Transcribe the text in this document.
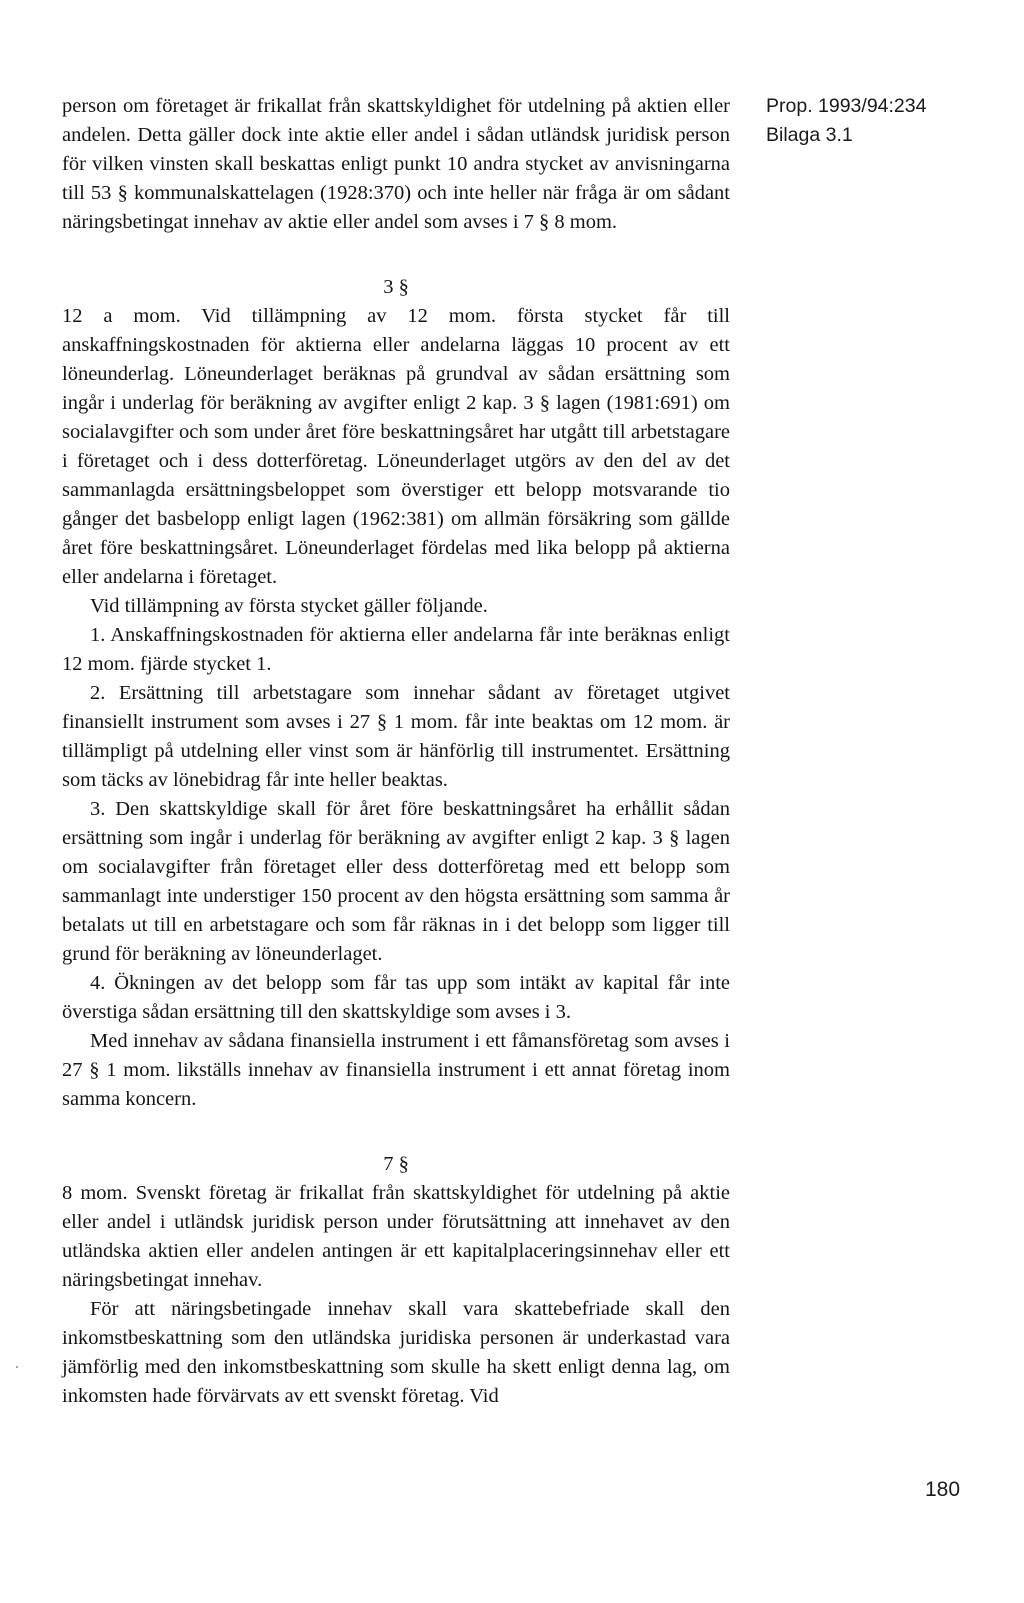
person om företaget är frikallat från skattskyldighet för utdelning på aktien eller andelen. Detta gäller dock inte aktie eller andel i sådan utländsk juridisk person för vilken vinsten skall beskattas enligt punkt 10 andra stycket av anvisningarna till 53 § kommunalskattelagen (1928:370) och inte heller när fråga är om sådant näringsbetingat innehav av aktie eller andel som avses i 7 § 8 mom.

3 §

12 a mom. Vid tillämpning av 12 mom. första stycket får till anskaffningskostnaden för aktierna eller andelarna läggas 10 procent av ett löneunderlag. Löneunderlaget beräknas på grundval av sådan ersättning som ingår i underlag för beräkning av avgifter enligt 2 kap. 3 § lagen (1981:691) om socialavgifter och som under året före beskattningsåret har utgått till arbetstagare i företaget och i dess dotterföretag. Löneunderlaget utgörs av den del av det sammanlagda ersättningsbeloppet som överstiger ett belopp motsvarande tio gånger det basbelopp enligt lagen (1962:381) om allmän försäkring som gällde året före beskattningsåret. Löneunderlaget fördelas med lika belopp på aktierna eller andelarna i företaget.

Vid tillämpning av första stycket gäller följande.

1. Anskaffningskostnaden för aktierna eller andelarna får inte beräknas enligt 12 mom. fjärde stycket 1.

2. Ersättning till arbetstagare som innehar sådant av företaget utgivet finansiellt instrument som avses i 27 § 1 mom. får inte beaktas om 12 mom. är tillämpligt på utdelning eller vinst som är hänförlig till instrumentet. Ersättning som täcks av lönebidrag får inte heller beaktas.

3. Den skattskyldige skall för året före beskattningsåret ha erhållit sådan ersättning som ingår i underlag för beräkning av avgifter enligt 2 kap. 3 § lagen om socialavgifter från företaget eller dess dotterföretag med ett belopp som sammanlagt inte understiger 150 procent av den högsta ersättning som samma år betalats ut till en arbetstagare och som får räknas in i det belopp som ligger till grund för beräkning av löneunderlaget.

4. Ökningen av det belopp som får tas upp som intäkt av kapital får inte överstiga sådan ersättning till den skattskyldige som avses i 3.

Med innehav av sådana finansiella instrument i ett fåmansföretag som avses i 27 § 1 mom. likställs innehav av finansiella instrument i ett annat företag inom samma koncern.

7 §

8 mom. Svenskt företag är frikallat från skattskyldighet för utdelning på aktie eller andel i utländsk juridisk person under förutsättning att innehavet av den utländska aktien eller andelen antingen är ett kapitalplaceringsinnehav eller ett näringsbetingat innehav.

För att näringsbetingade innehav skall vara skattebefriade skall den inkomstbeskattning som den utländska juridiska personen är underkastad vara jämförlig med den inkomstbeskattning som skulle ha skett enligt denna lag, om inkomsten hade förvärvats av ett svenskt företag. Vid

Prop. 1993/94:234
Bilaga 3.1
180
